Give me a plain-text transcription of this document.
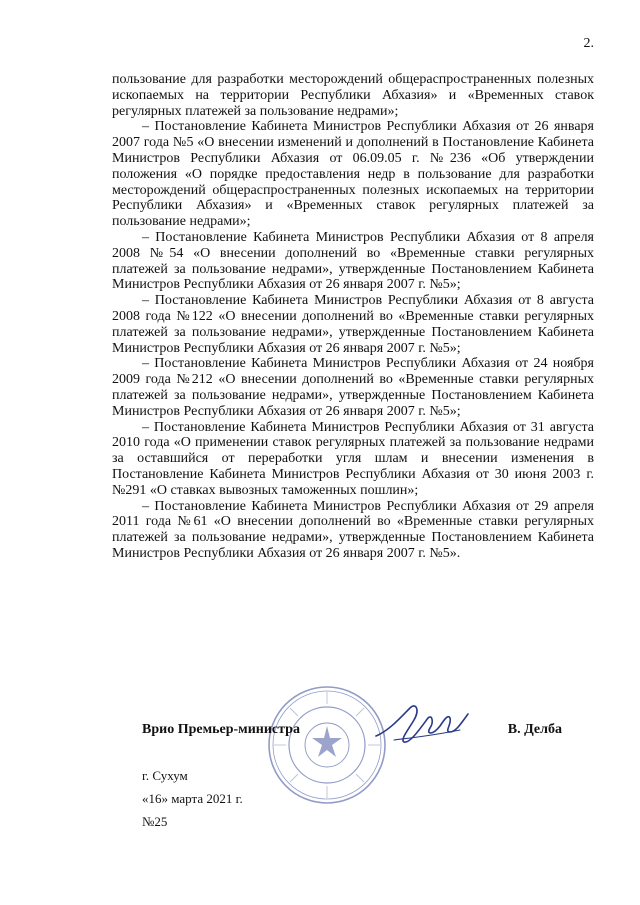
2.

пользование для разработки месторождений общераспространенных полезных ископаемых на территории Республики Абхазия» и «Временных ставок регулярных платежей за пользование недрами»;

– Постановление Кабинета Министров Республики Абхазия от 26 января 2007 года №5 «О внесении изменений и дополнений в Постановление Кабинета Министров Республики Абхазия от 06.09.05 г. №236 «Об утверждении положения «О порядке предоставления недр в пользование для разработки месторождений общераспространенных полезных ископаемых на территории Республики Абхазия» и «Временных ставок регулярных платежей за пользование недрами»;

– Постановление Кабинета Министров Республики Абхазия от 8 апреля 2008 №54 «О внесении дополнений во «Временные ставки регулярных платежей за пользование недрами», утвержденные Постановлением Кабинета Министров Республики Абхазия от 26 января 2007 г. №5»;

– Постановление Кабинета Министров Республики Абхазия от 8 августа 2008 года №122 «О внесении дополнений во «Временные ставки регулярных платежей за пользование недрами», утвержденные Постановлением Кабинета Министров Республики Абхазия от 26 января 2007 г. №5»;

– Постановление Кабинета Министров Республики Абхазия от 24 ноября 2009 года №212 «О внесении дополнений во «Временные ставки регулярных платежей за пользование недрами», утвержденные Постановлением Кабинета Министров Республики Абхазия от 26 января 2007 г. №5»;

– Постановление Кабинета Министров Республики Абхазия от 31 августа 2010 года «О применении ставок регулярных платежей за пользование недрами за оставшийся от переработки угля шлам и внесении изменения в Постановление Кабинета Министров Республики Абхазия от 30 июня 2003 г. №291 «О ставках вывозных таможенных пошлин»;

– Постановление Кабинета Министров Республики Абхазия от 29 апреля 2011 года №61 «О внесении дополнений во «Временные ставки регулярных платежей за пользование недрами», утвержденные Постановлением Кабинета Министров Республики Абхазия от 26 января 2007 г. №5».

Врио Премьер-министра	В. Делба
г. Сухум
«16» марта 2021 г.
№25
